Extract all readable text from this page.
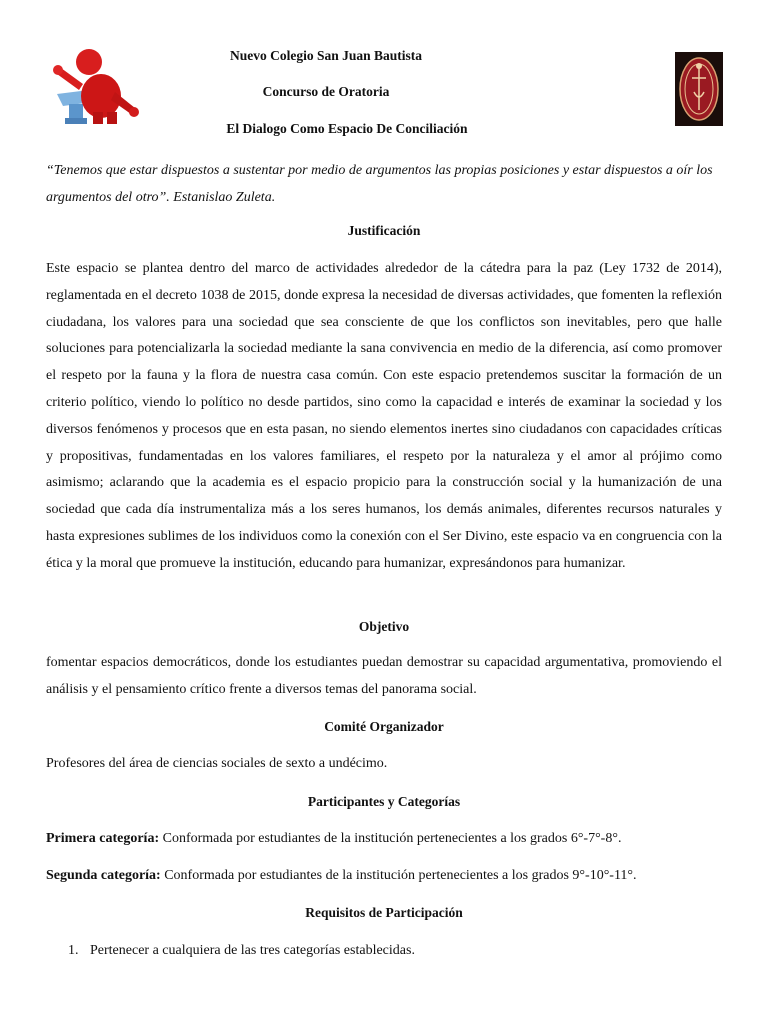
Nuevo Colegio San Juan Bautista

Concurso de Oratoria

El Dialogo Como Espacio De Conciliación

“Tenemos que estar dispuestos a sustentar por medio de argumentos las propias posiciones y estar dispuestos a oír los argumentos del otro”. Estanislao Zuleta.

Justificación

Este espacio se plantea dentro del marco de actividades alrededor de la cátedra para la paz (Ley 1732 de 2014), reglamentada en el decreto 1038 de 2015, donde expresa la necesidad de diversas actividades, que fomenten la reflexión ciudadana, los valores para una sociedad que sea consciente de que los conflictos son inevitables, pero que halle soluciones para potencializarla la sociedad mediante la sana convivencia en medio de la diferencia, así como promover el respeto por la fauna y la flora de nuestra casa común. Con este espacio pretendemos suscitar la formación de un criterio político, viendo lo político no desde partidos, sino como la capacidad e interés de examinar la sociedad y los diversos fenómenos y procesos que en esta pasan, no siendo elementos inertes sino ciudadanos con capacidades críticas y propositivas, fundamentadas en los valores familiares, el respeto por la naturaleza y el amor al prójimo como asimismo; aclarando que la academia es el espacio propicio para la construcción social y la humanización de una sociedad que cada día instrumentaliza más a los seres humanos, los demás animales, diferentes recursos naturales y hasta expresiones sublimes de los individuos como la conexión con el Ser Divino, este espacio va en congruencia con la ética y la moral que promueve la institución, educando para humanizar, expresándonos para humanizar.

Objetivo

fomentar espacios democráticos, donde los estudiantes puedan demostrar su capacidad argumentativa, promoviendo el análisis y el pensamiento crítico frente a diversos temas del panorama social.

Comité Organizador

Profesores del área de ciencias sociales de sexto a undécimo.

Participantes y Categorías

Primera categoría: Conformada por estudiantes de la institución pertenecientes a los grados 6°-7°-8°.

Segunda categoría: Conformada por estudiantes de la institución pertenecientes a los grados 9°-10°-11°.

Requisitos de Participación

1. Pertenecer a cualquiera de las tres categorías establecidas.
